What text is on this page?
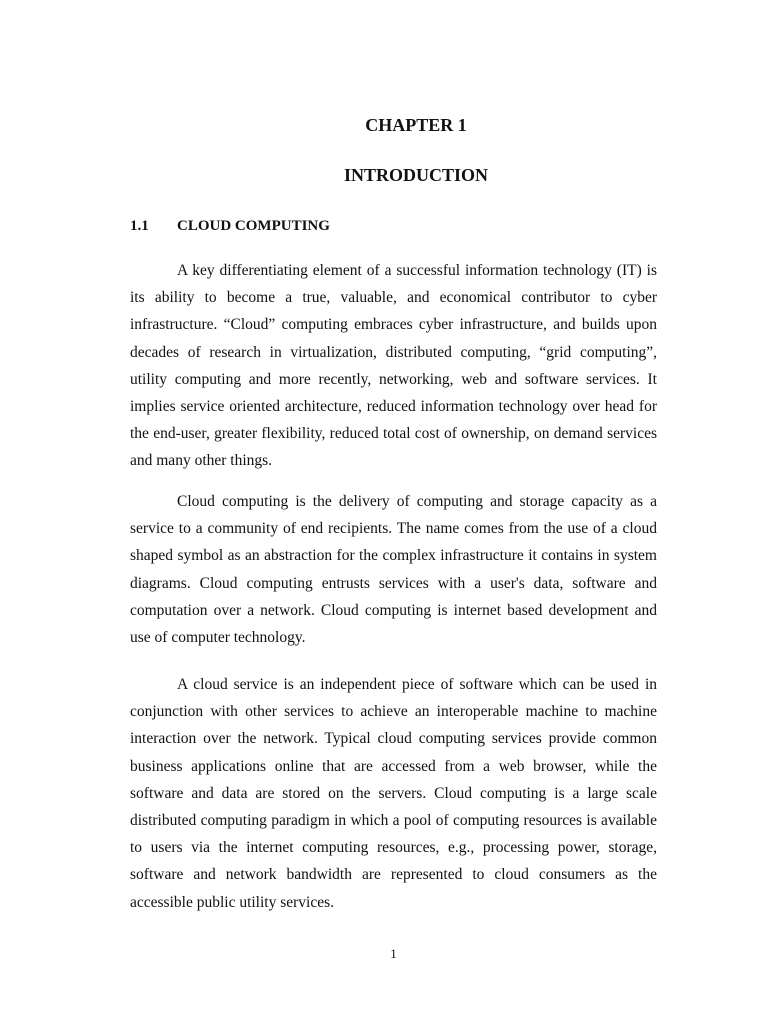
CHAPTER 1
INTRODUCTION
1.1 CLOUD COMPUTING

A key differentiating element of a successful information technology (IT) is its ability to become a true, valuable, and economical contributor to cyber infrastructure. “Cloud” computing embraces cyber infrastructure, and builds upon decades of research in virtualization, distributed computing, “grid computing”, utility computing and more recently, networking, web and software services. It implies service oriented architecture, reduced information technology over head for the end-user, greater flexibility, reduced total cost of ownership, on demand services and many other things.

Cloud computing is the delivery of computing and storage capacity as a service to a community of end recipients. The name comes from the use of a cloud shaped symbol as an abstraction for the complex infrastructure it contains in system diagrams. Cloud computing entrusts services with a user's data, software and computation over a network. Cloud computing is internet based development and use of computer technology.

A cloud service is an independent piece of software which can be used in conjunction with other services to achieve an interoperable machine to machine interaction over the network. Typical cloud computing services provide common business applications online that are accessed from a web browser, while the software and data are stored on the servers. Cloud computing is a large scale distributed computing paradigm in which a pool of computing resources is available to users via the internet computing resources, e.g., processing power, storage, software and network bandwidth are represented to cloud consumers as the accessible public utility services.

1
